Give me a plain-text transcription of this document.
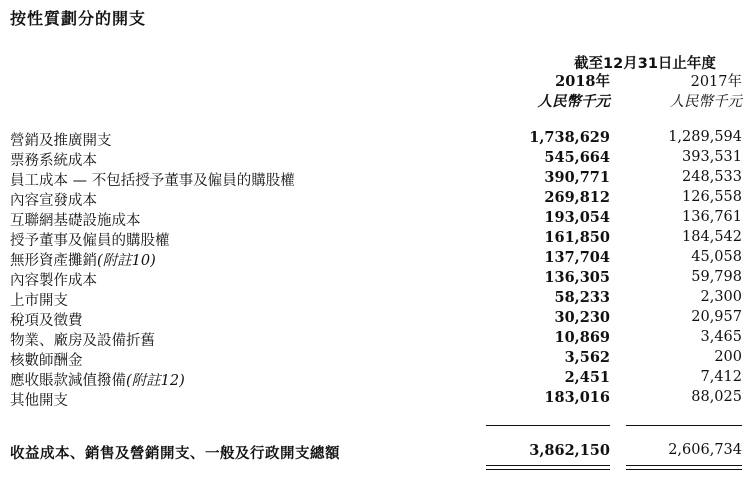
按性質劃分的開支
截至12月31日止年度
2018年	2017年
人民幣千元	人民幣千元
營銷及推廣開支	1,738,629	1,289,594
票務系統成本	545,664	393,531
員工成本 — 不包括授予董事及僱員的購股權	390,771	248,533
內容宣發成本	269,812	126,558
互聯網基礎設施成本	193,054	136,761
授予董事及僱員的購股權	161,850	184,542
無形資產攤銷(附註10)	137,704	45,058
內容製作成本	136,305	59,798
上市開支	58,233	2,300
稅項及徵費	30,230	20,957
物業、廠房及設備折舊	10,869	3,465
核數師酬金	3,562	200
應收賬款減值撥備(附註12)	2,451	7,412
其他開支	183,016	88,025
收益成本、銷售及營銷開支、一般及行政開支總額	3,862,150	2,606,734
